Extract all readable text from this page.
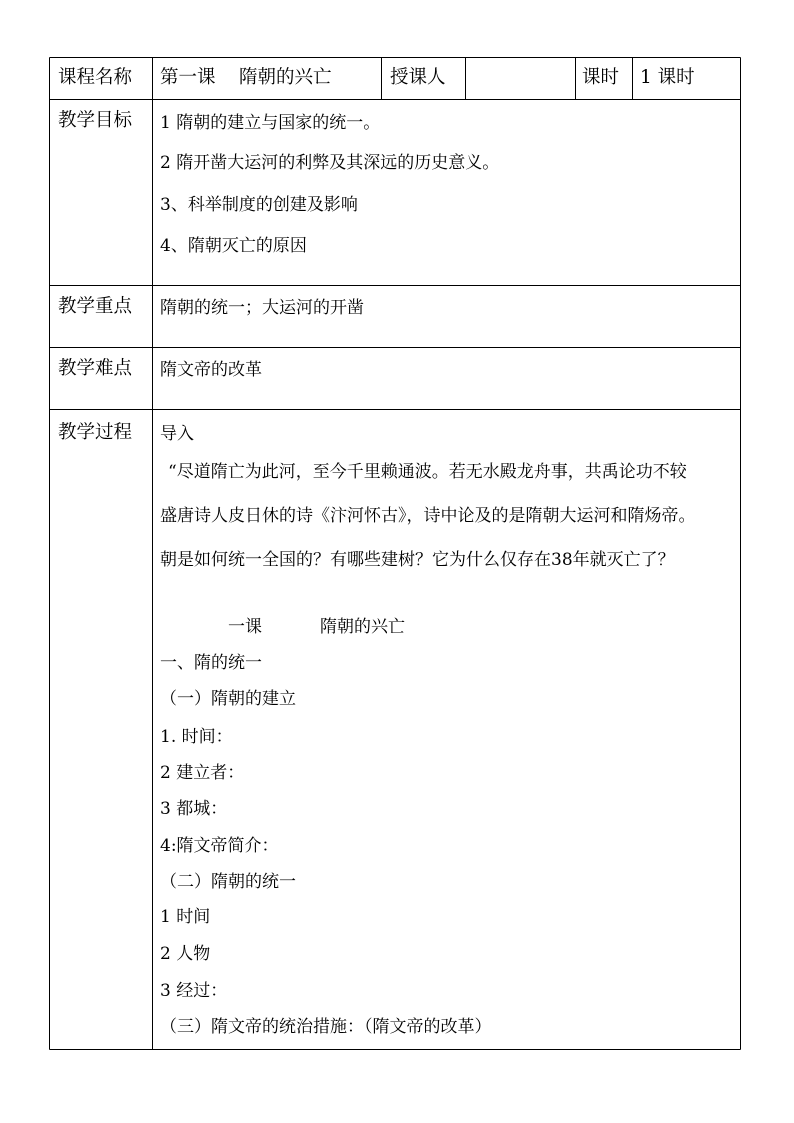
课程名称 第一课    隋朝的兴亡	授课人	课时 1 课时
教学目标 1 隋朝的建立与国家的统一。
2 隋开凿大运河的利弊及其深远的历史意义。
3、科举制度的创建及影响
4、隋朝灭亡的原因
教学重点 隋朝的统一；大运河的开凿
教学难点 隋文帝的改革
教学过程 导入
“尽道隋亡为此河，至今千里赖通波。若无水殿龙舟事，共禹论功不较
盛唐诗人皮日休的诗《汴河怀古》，诗中论及的是隋朝大运河和隋炀帝。
朝是如何统一全国的？有哪些建树？它为什么仅存在38年就灭亡了？
一课	隋朝的兴亡
一、隋的统一
（一）隋朝的建立
1. 时间：
2 建立者：
3 都城：
4:隋文帝简介：
（二）隋朝的统一
1 时间
2 人物
3 经过：
（三）隋文帝的统治措施：（隋文帝的改革）
